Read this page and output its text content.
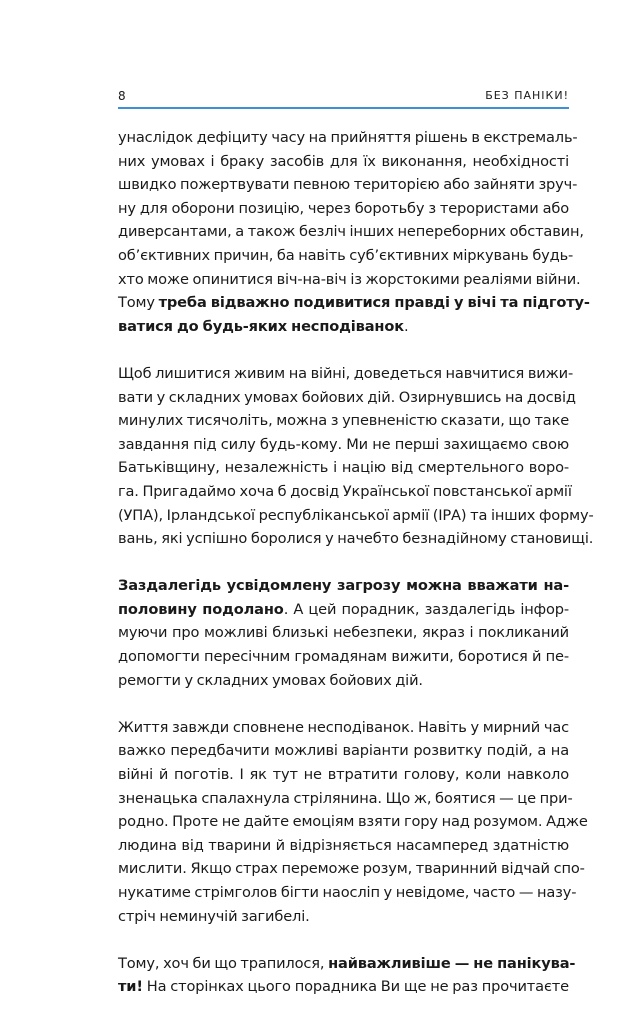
8	БЕЗ ПАНІКИ!

унаслідок дефіциту часу на прийняття рішень в екстремаль-
них умовах і браку засобів для їх виконання, необхідності
швидко пожертвувати певною територією або зайняти зруч-
ну для оборони позицію, через боротьбу з терористами або
диверсантами, а також безліч інших непереборних обставин,
об’єктивних причин, ба навіть суб’єктивних міркувань будь-
хто може опинитися віч-на-віч із жорстокими реаліями війни.
Тому треба відважно подивитися правді у вічі та підготу-
ватися до будь-яких несподіванок.

Щоб лишитися живим на війні, доведеться навчитися вижи-
вати у складних умовах бойових дій. Озирнувшись на досвід
минулих тисячоліть, можна з упевненістю сказати, що таке
завдання під силу будь-кому. Ми не перші захищаємо свою
Батьківщину, незалежність і націю від смертельного воро-
га. Пригадаймо хоча б досвід Української повстанської армії
(УПА), Ірландської республіканської армії (ІРА) та інших форму-
вань, які успішно боролися у начебто безнадійному становищі.

Заздалегідь усвідомлену загрозу можна вважати на-
половину подолано. А цей порадник, заздалегідь інфор-
муючи про можливі близькі небезпеки, якраз і покликаний
допомогти пересічним громадянам вижити, боротися й пе-
ремогти у складних умовах бойових дій.

Життя завжди сповнене несподіванок. Навіть у мирний час
важко передбачити можливі варіанти розвитку подій, а на
війні й поготів. І як тут не втратити голову, коли навколо
зненацька спалахнула стрілянина. Що ж, боятися — це при-
родно. Проте не дайте емоціям взяти гору над розумом. Адже
людина від тварини й відрізняється насамперед здатністю
мислити. Якщо страх переможе розум, тваринний відчай спо-
нукатиме стрімголов бігти наосліп у невідоме, часто — назу-
стріч неминучій загибелі.

Тому, хоч би що трапилося, найважливіше — не панікува-
ти! На сторінках цього порадника Ви ще не раз прочитаєте
